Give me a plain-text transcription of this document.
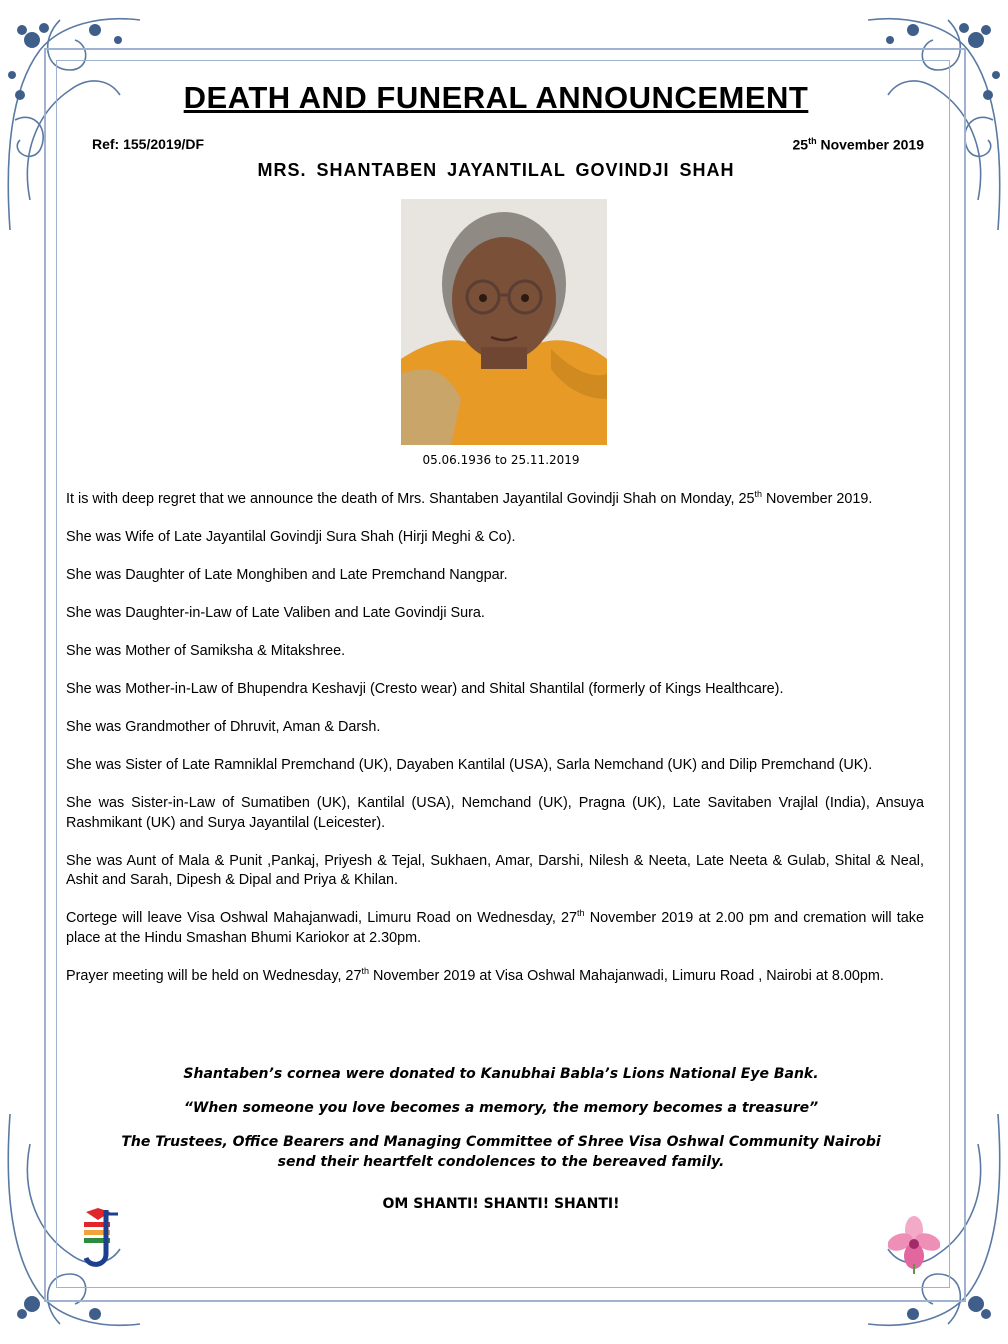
DEATH AND FUNERAL ANNOUNCEMENT
Ref: 155/2019/DF	25th November 2019
MRS. SHANTABEN JAYANTILAL GOVINDJI SHAH
05.06.1936 to 25.11.2019

It is with deep regret that we announce the death of Mrs. Shantaben Jayantilal Govindji Shah on Monday, 25th November 2019.

She was Wife of Late Jayantilal Govindji Sura Shah (Hirji Meghi & Co).

She was Daughter of Late Monghiben and Late Premchand Nangpar.

She was Daughter-in-Law of Late Valiben and Late Govindji Sura.

She was Mother of Samiksha & Mitakshree.

She was Mother-in-Law of Bhupendra Keshavji (Cresto wear) and Shital Shantilal (formerly of Kings Healthcare).

She was Grandmother of Dhruvit, Aman & Darsh.

She was Sister of Late Ramniklal Premchand (UK), Dayaben Kantilal (USA), Sarla Nemchand (UK) and Dilip Premchand (UK).

She was Sister-in-Law of Sumatiben (UK), Kantilal (USA), Nemchand (UK), Pragna (UK), Late Savitaben Vrajlal (India), Ansuya Rashmikant (UK) and Surya Jayantilal (Leicester).

She was Aunt of Mala & Punit ,Pankaj, Priyesh & Tejal, Sukhaen, Amar, Darshi, Nilesh & Neeta, Late Neeta & Gulab, Shital & Neal, Ashit and Sarah, Dipesh & Dipal and Priya & Khilan.

Cortege will leave Visa Oshwal Mahajanwadi, Limuru Road on Wednesday, 27th November 2019 at 2.00 pm and cremation will take place at the Hindu Smashan Bhumi Kariokor at 2.30pm.

Prayer meeting will be held on Wednesday, 27th November 2019 at Visa Oshwal Mahajanwadi, Limuru Road , Nairobi at 8.00pm.

Shantaben’s cornea were donated to Kanubhai Babla’s Lions National Eye Bank.
“When someone you love becomes a memory, the memory becomes a treasure”
The Trustees, Office Bearers and Managing Committee of Shree Visa Oshwal Community Nairobi
send their heartfelt condolences to the bereaved family.
OM SHANTI! SHANTI! SHANTI!
